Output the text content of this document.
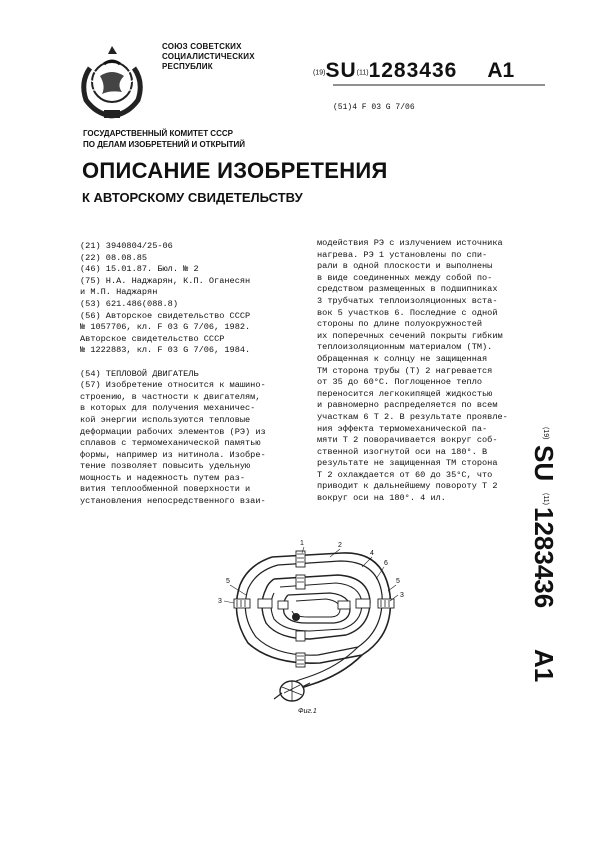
СОЮЗ СОВЕТСКИХ
СОЦИАЛИСТИЧЕСКИХ
РЕСПУБЛИК
(19)SU(11)1283436 A1
(51)4 F 03 G 7/06
ГОСУДАРСТВЕННЫЙ КОМИТЕТ СССР
ПО ДЕЛАМ ИЗОБРЕТЕНИЙ И ОТКРЫТИЙ
ОПИСАНИЕ ИЗОБРЕТЕНИЯ
К АВТОРСКОМУ СВИДЕТЕЛЬСТВУ
(21) 3940804/25-06
(22) 08.08.85
(46) 15.01.87. Бюл. № 2
(75) Н.А. Наджарян, К.П. Оганесян
и М.П. Наджарян
(53) 621.486(088.8)
(56) Авторское свидетельство СССР
№ 1057706, кл. F 03 G 7/06, 1982.
Авторское свидетельство СССР
№ 1222883, кл. F 03 G 7/06, 1984.
(54) ТЕПЛОВОЙ ДВИГАТЕЛЬ
(57) Изобретение относится к машино-
строению, в частности к двигателям,
в которых для получения механичес-
кой энергии используются тепловые
деформации рабочих элементов (РЭ) из
сплавов с термомеханической памятью
формы, например из нитинола. Изобре-
тение позволяет повысить удельную
мощность и надежность путем раз-
вития теплообменной поверхности и
установления непосредственного взаи-
модействия РЭ с излучением источника
нагрева. РЭ 1 установлены по спи-
рали в одной плоскости и выполнены
в виде соединенных между собой по-
средством размещенных в подшипниках
3 трубчатых теплоизоляционных вста-
вок 5 участков 6. Последние с одной
стороны по длине полуокружностей
их поперечных сечений покрыты гибким
теплоизоляционным материалом (ТМ).
Обращенная к солнцу не защищенная
ТМ сторона трубы (Т) 2 нагревается
от 35 до 60°С. Поглощенное тепло
переносится легкокипящей жидкостью
и равномерно распределяется по всем
участкам 6 Т 2. В результате проявле-
ния эффекта термомеханической па-
мяти Т 2 поворачивается вокруг соб-
ственной изогнутой оси на 180°. В
результате не защищенная ТМ сторона
Т 2 охлаждается от 60 до 35°С, что
приводит к дальнейшему повороту Т 2
вокруг оси на 180°. 4 ил.
(19)
SU
(11)
1283436
A1
1	2
3
4
5
6
5
3
Фиг.1
